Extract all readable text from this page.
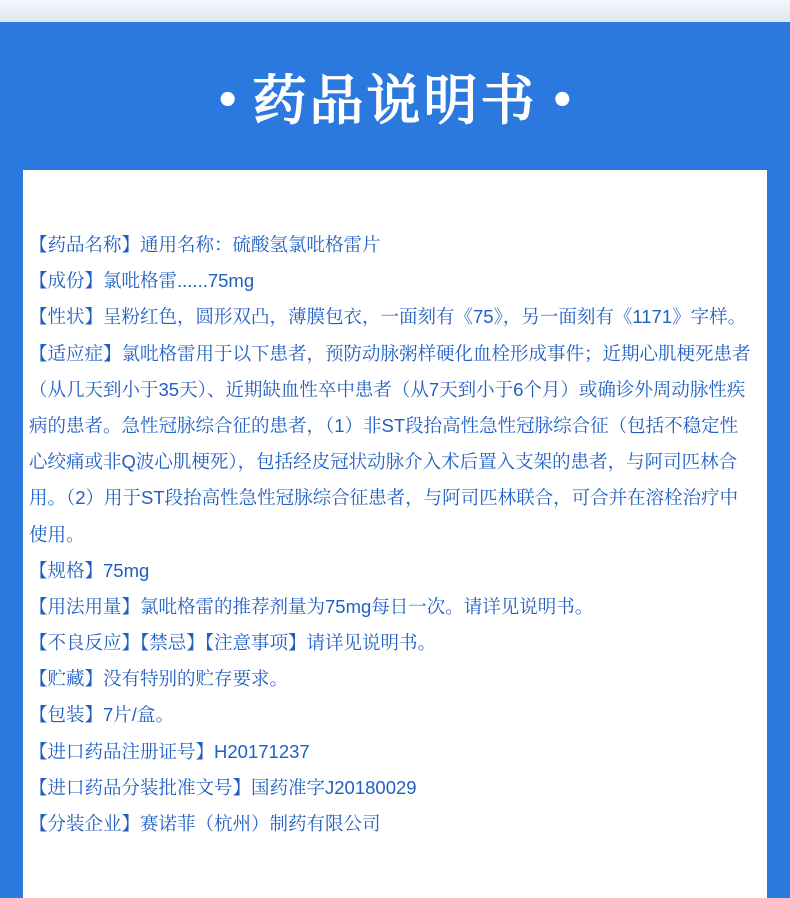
• 药品说明书 •
【药品名称】通用名称：硫酸氢氯吡格雷片
【成份】氯吡格雷......75mg
【性状】呈粉红色，圆形双凸，薄膜包衣，一面刻有《75》，另一面刻有《1171》字样。
【适应症】氯吡格雷用于以下患者，预防动脉粥样硬化血栓形成事件；近期心肌梗死患者
（从几天到小于35天）、近期缺血性卒中患者（从7天到小于6个月）或确诊外周动脉性疾
病的患者。急性冠脉综合征的患者，（1）非ST段抬高性急性冠脉综合征（包括不稳定性
心绞痛或非Q波心肌梗死），包括经皮冠状动脉介入术后置入支架的患者，与阿司匹林合
用。（2）用于ST段抬高性急性冠脉综合征患者，与阿司匹林联合，可合并在溶栓治疗中
使用。
【规格】75mg
【用法用量】氯吡格雷的推荐剂量为75mg每日一次。请详见说明书。
【不良反应】【禁忌】【注意事项】请详见说明书。
【贮藏】没有特别的贮存要求。
【包装】7片/盒。
【进口药品注册证号】H20171237
【进口药品分装批准文号】国药准字J20180029
【分装企业】赛诺菲（杭州）制药有限公司
